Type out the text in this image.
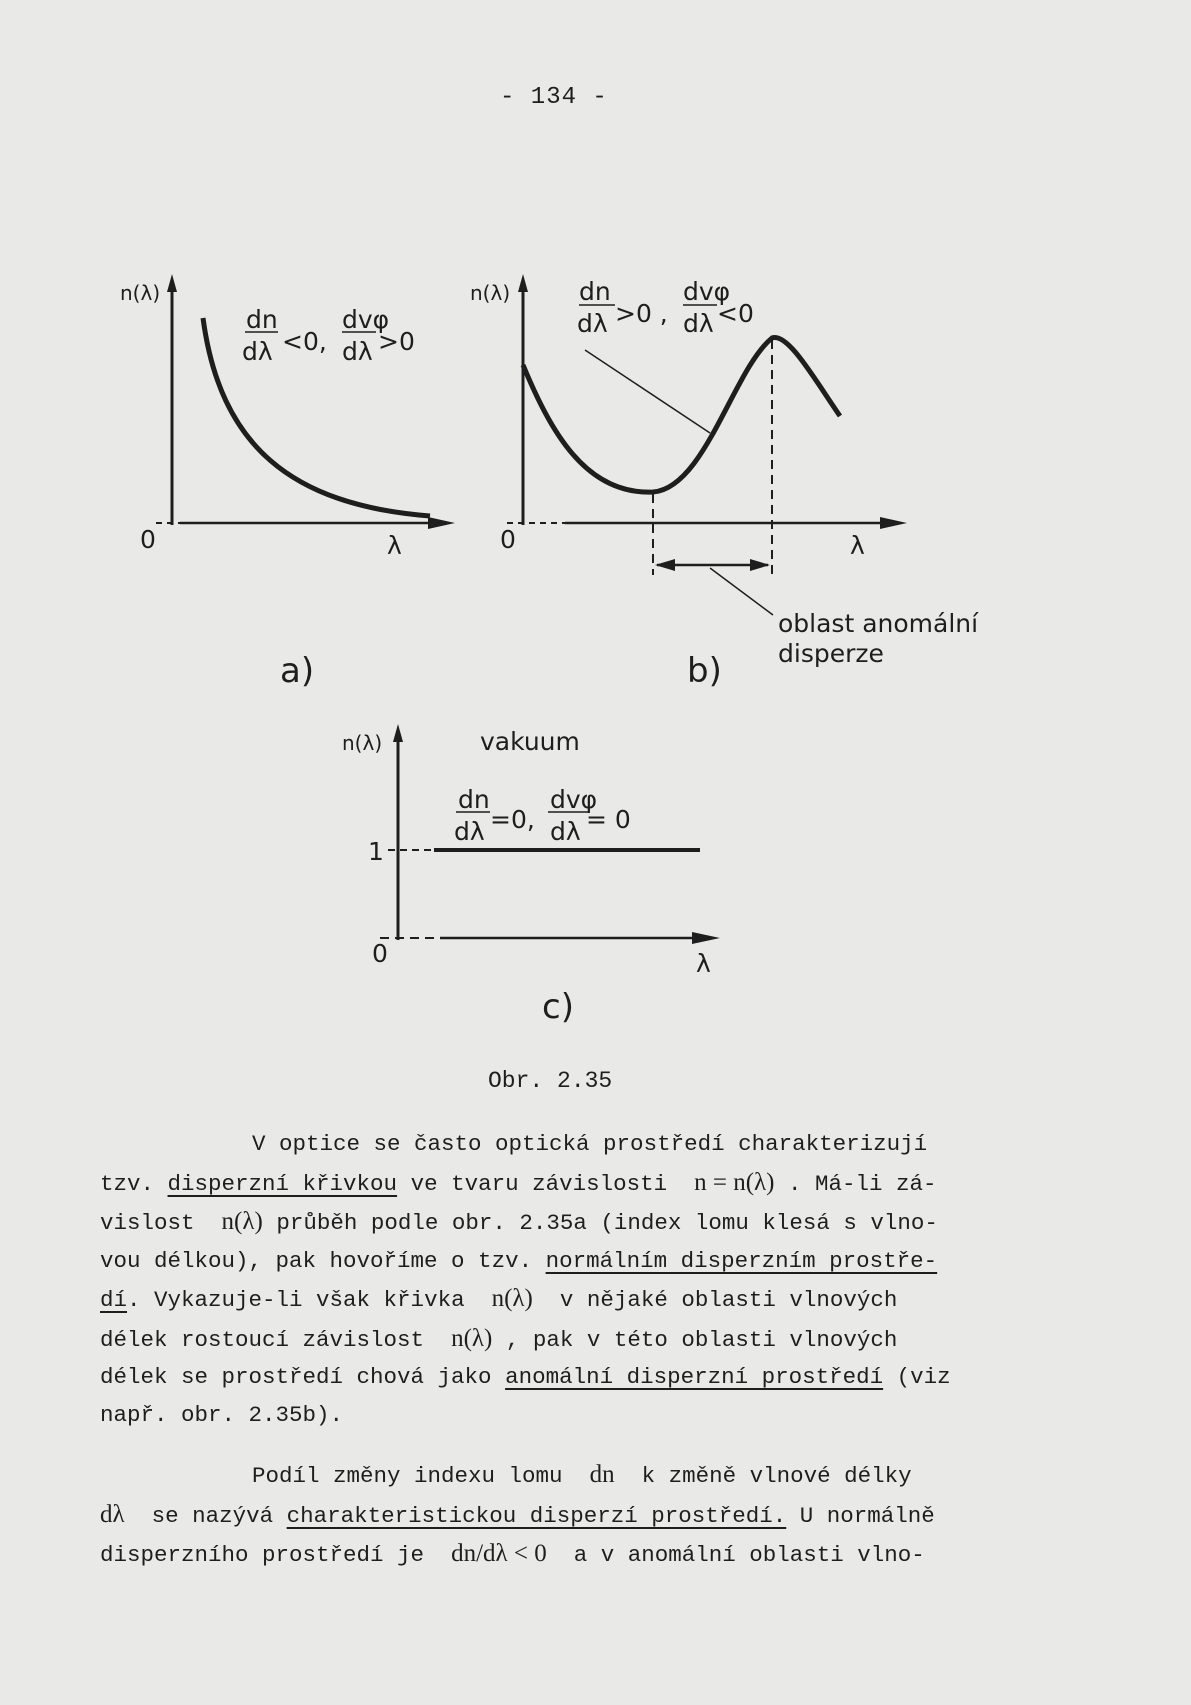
- 134 -
n(λ)
0	λ
dn
dλ <0,
dvφ
dλ >0
a)
n(λ)
0	λ
dn
dλ >0 ,
dvφ
dλ <0
oblast anomální
disperze
b)
n(λ)
1
0	λ
vakuum
dn
dλ =0,
dvφ
dλ = 0
c)
Obr. 2.35
V optice se často optická prostředí charakterizují
tzv. disperzní křivkou ve tvaru závislosti  n = n(λ) . Má-li zá-
vislost  n(λ) průběh podle obr. 2.35a (index lomu klesá s vlno-
vou délkou), pak hovoříme o tzv. normálním disperzním prostře-
dí. Vykazuje-li však křivka  n(λ)  v nějaké oblasti vlnových
délek rostoucí závislost  n(λ) , pak v této oblasti vlnových
délek se prostředí chová jako anomální disperzní prostředí (viz
např. obr. 2.35b).
Podíl změny indexu lomu  dn  k změně vlnové délky
dλ  se nazývá charakteristickou disperzí prostředí. U normálně
disperzního prostředí je  dn/dλ < 0  a v anomální oblasti vlno-
